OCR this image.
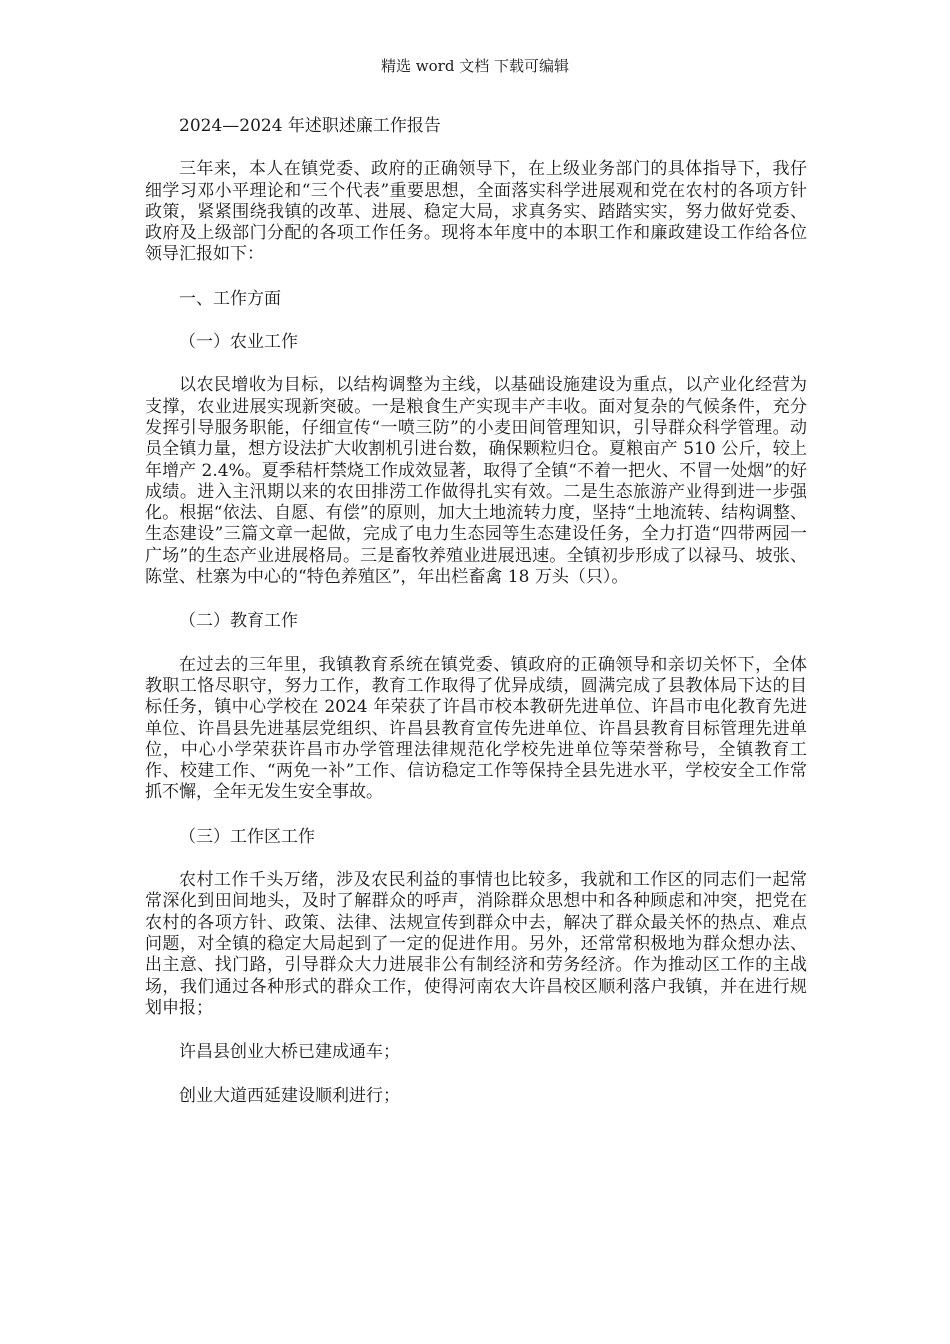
精选 word 文档 下载可编辑

2024—2024 年述职述廉工作报告

三年来，本人在镇党委、政府的正确领导下，在上级业务部门的具体指导下，我仔细学习邓小平理论和“三个代表”重要思想，全面落实科学进展观和党在农村的各项方针政策，紧紧围绕我镇的改革、进展、稳定大局，求真务实、踏踏实实，努力做好党委、政府及上级部门分配的各项工作任务。现将本年度中的本职工作和廉政建设工作给各位领导汇报如下：

一、工作方面

（一）农业工作

以农民增收为目标，以结构调整为主线，以基础设施建设为重点，以产业化经营为支撑，农业进展实现新突破。一是粮食生产实现丰产丰收。面对复杂的气候条件，充分发挥引导服务职能，仔细宣传“一喷三防”的小麦田间管理知识，引导群众科学管理。动员全镇力量，想方设法扩大收割机引进台数，确保颗粒归仓。夏粮亩产 510 公斤，较上年增产 2.4%。夏季秸杆禁烧工作成效显著，取得了全镇“不着一把火、不冒一处烟”的好成绩。进入主汛期以来的农田排涝工作做得扎实有效。二是生态旅游产业得到进一步强化。根据“依法、自愿、有偿”的原则，加大土地流转力度，坚持“土地流转、结构调整、生态建设”三篇文章一起做，完成了电力生态园等生态建设任务，全力打造“四带两园一广场”的生态产业进展格局。三是畜牧养殖业进展迅速。全镇初步形成了以禄马、坡张、陈堂、杜寨为中心的“特色养殖区”，年出栏畜禽 18 万头（只）。

（二）教育工作

在过去的三年里，我镇教育系统在镇党委、镇政府的正确领导和亲切关怀下，全体教职工恪尽职守，努力工作，教育工作取得了优异成绩，圆满完成了县教体局下达的目标任务，镇中心学校在 2024 年荣获了许昌市校本教研先进单位、许昌市电化教育先进单位、许昌县先进基层党组织、许昌县教育宣传先进单位、许昌县教育目标管理先进单位，中心小学荣获许昌市办学管理法律规范化学校先进单位等荣誉称号，全镇教育工作、校建工作、“两免一补”工作、信访稳定工作等保持全县先进水平，学校安全工作常抓不懈，全年无发生安全事故。

（三）工作区工作

农村工作千头万绪，涉及农民利益的事情也比较多，我就和工作区的同志们一起常常深化到田间地头，及时了解群众的呼声，消除群众思想中和各种顾虑和冲突，把党在农村的各项方针、政策、法律、法规宣传到群众中去，解决了群众最关怀的热点、难点问题，对全镇的稳定大局起到了一定的促进作用。另外，还常常积极地为群众想办法、出主意、找门路，引导群众大力进展非公有制经济和劳务经济。作为推动区工作的主战场，我们通过各种形式的群众工作，使得河南农大许昌校区顺利落户我镇，并在进行规划申报；

许昌县创业大桥已建成通车；

创业大道西延建设顺利进行；
